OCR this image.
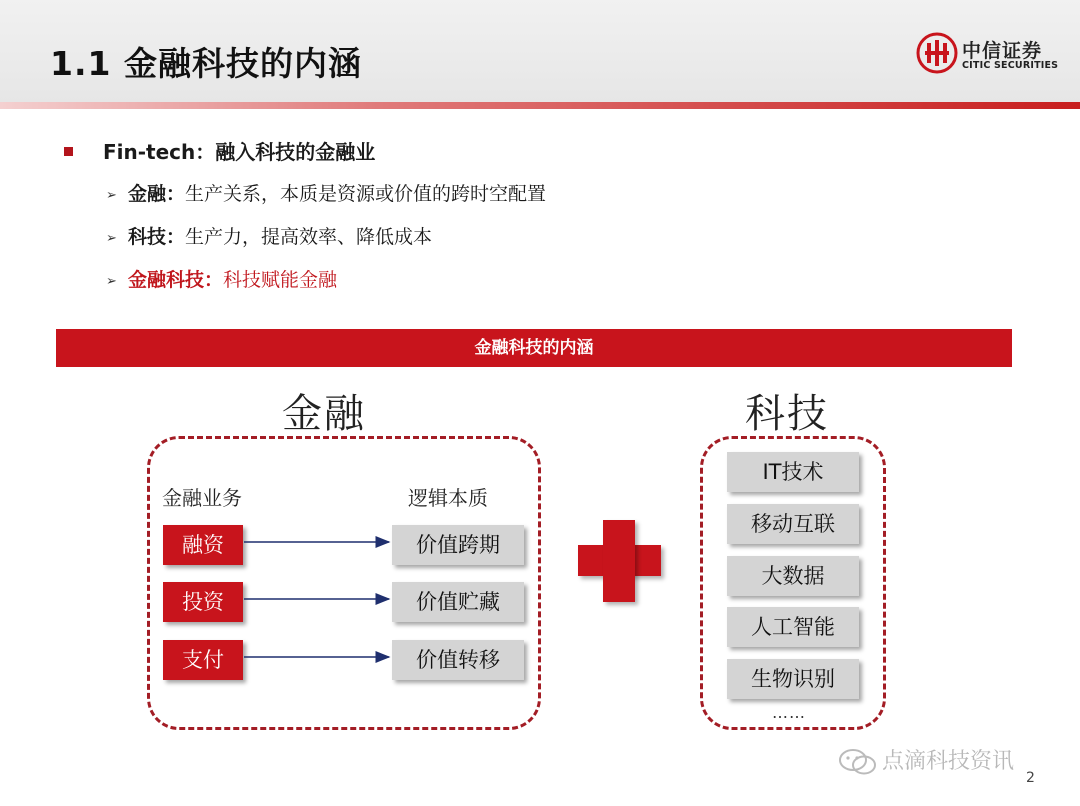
1.1 金融科技的内涵	中信证券
CITIC SECURITIES
Fin-tech：融入科技的金融业
➢ 金融：生产关系，本质是资源或价值的跨时空配置
➢ 科技：生产力，提高效率、降低成本
➢ 金融科技：科技赋能金融
金融科技的内涵
金融	科技
金融业务	逻辑本质
融资
投资
支付
价值跨期
价值贮藏
价值转移
IT技术
移动互联
大数据
人工智能
生物识别
……
点滴科技资讯
2
